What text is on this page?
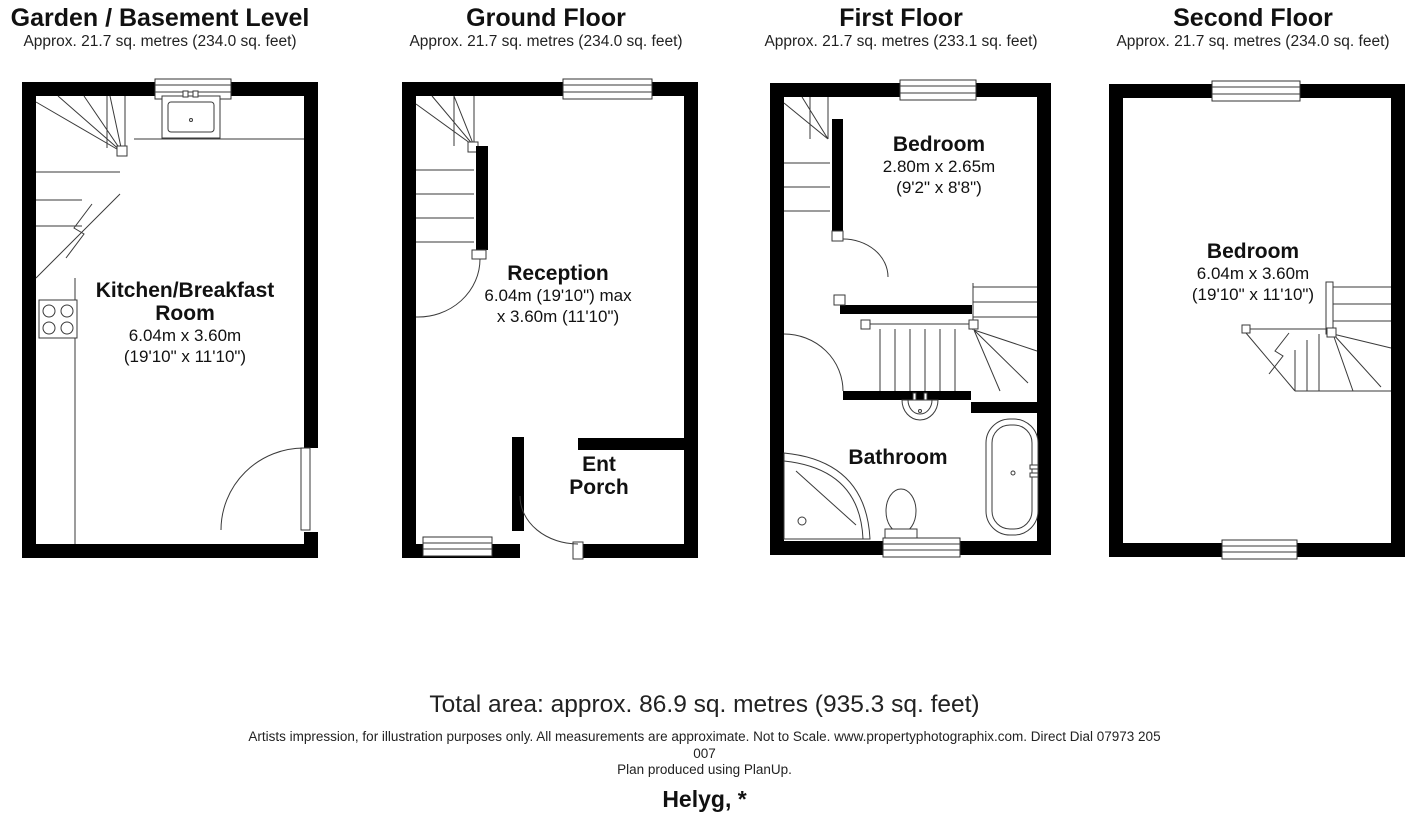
Garden / Basement Level
Approx. 21.7 sq. metres (234.0 sq. feet)
Ground Floor
Approx. 21.7 sq. metres (234.0 sq. feet)
First Floor
Approx. 21.7 sq. metres (233.1 sq. feet)
Second Floor
Approx. 21.7 sq. metres (234.0 sq. feet)
Kitchen/Breakfast
Room
6.04m x 3.60m
(19'10" x 11'10")
Reception
6.04m (19'10") max
x 3.60m (11'10")
Ent
Porch
Bedroom
2.80m x 2.65m
(9'2" x 8'8")
Bathroom
Bedroom
6.04m x 3.60m
(19'10" x 11'10")
Total area: approx. 86.9 sq. metres (935.3 sq. feet)
Artists impression, for illustration purposes only. All measurements are approximate. Not to Scale. www.propertyphotographix.com. Direct Dial 07973 205
007
Plan produced using PlanUp.
Helyg, *
